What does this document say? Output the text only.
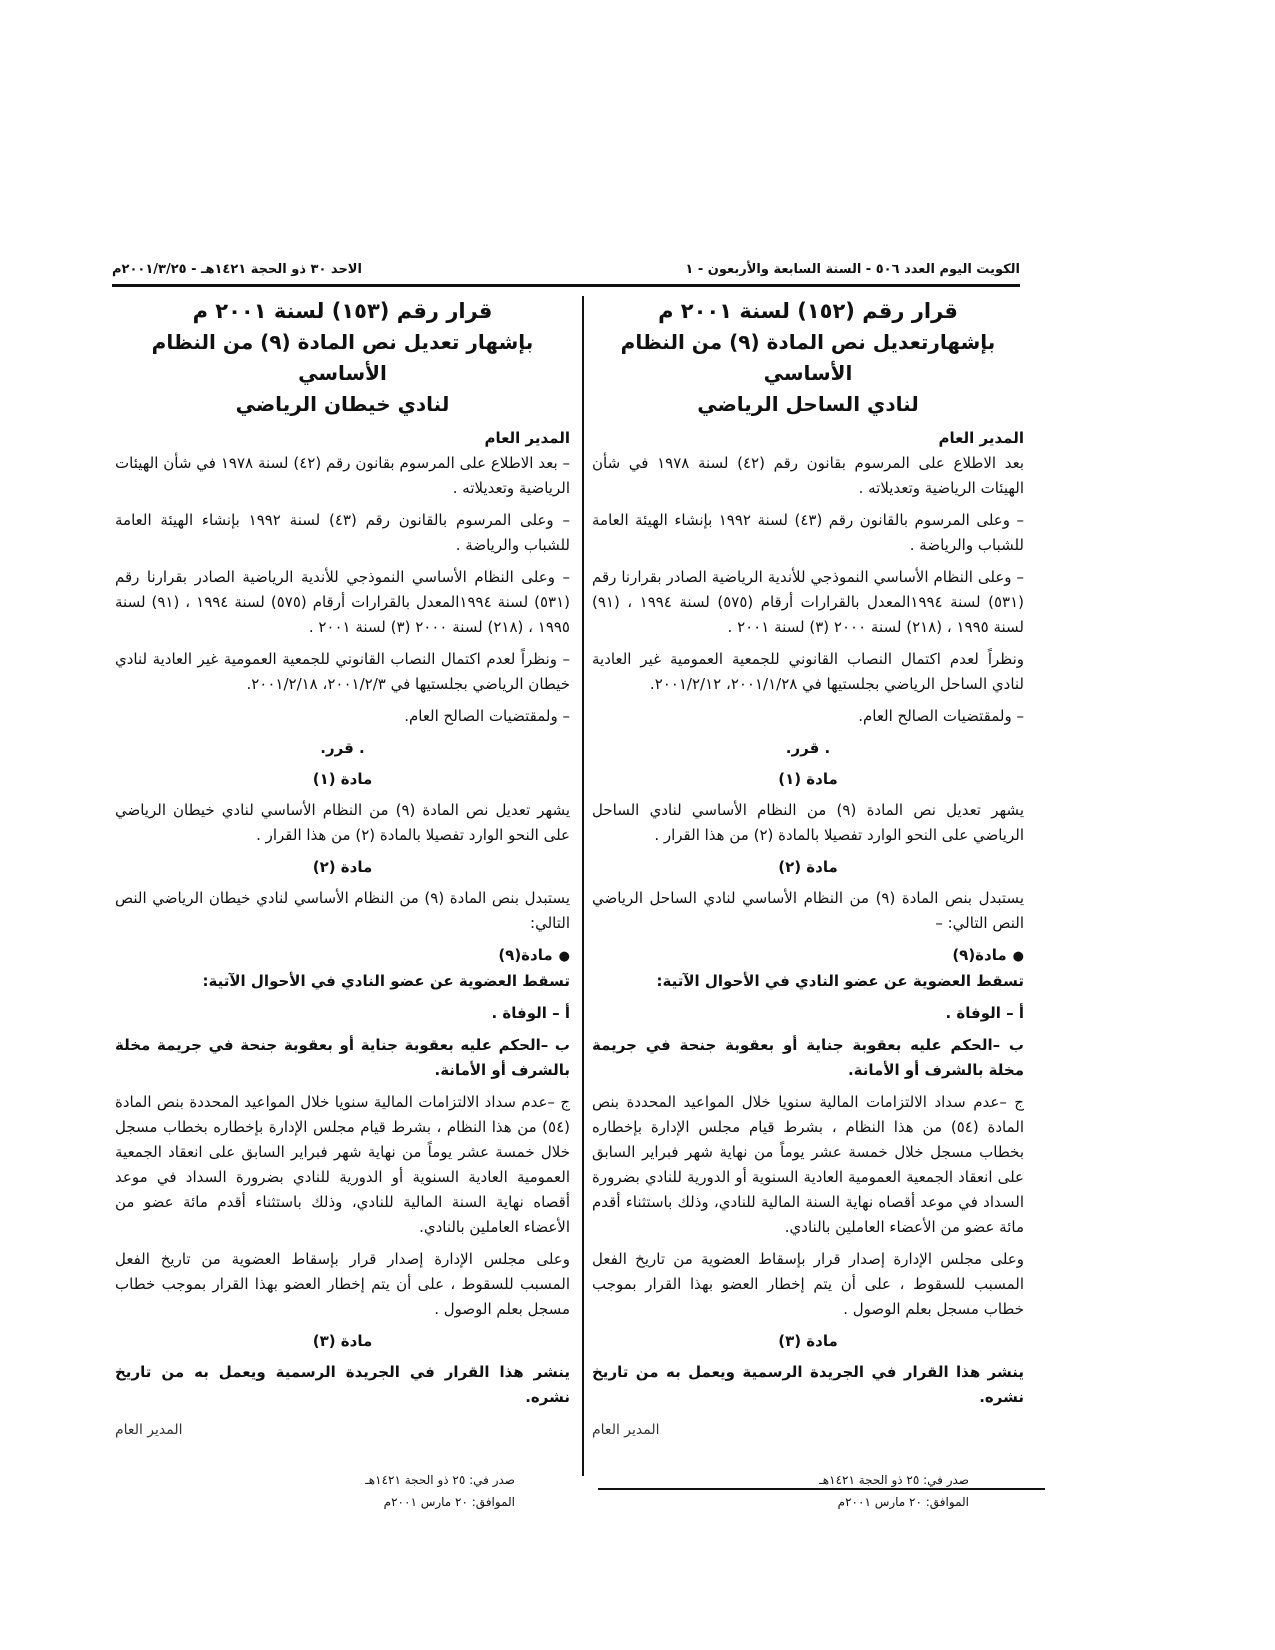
الكويت اليوم العدد ٥٠٦ - السنة السابعة والأربعون - ١
الاحد ٣٠ ذو الحجة ١٤٢١هـ - ٢٠٠١/٣/٢٥م
قرار رقم (١٥٢) لسنة ٢٠٠١ م
بإشهارتعديل نص المادة (٩) من النظام الأساسي
لنادي الساحل الرياضي
المدير العام

بعد الاطلاع على المرسوم بقانون رقم (٤٢) لسنة ١٩٧٨ في شأن الهيئات الرياضية وتعديلاته .

– وعلى المرسوم بالقانون رقم (٤٣) لسنة ١٩٩٢ بإنشاء الهيئة العامة للشباب والرياضة .

– وعلى النظام الأساسي النموذجي للأندية الرياضية الصادر بقرارنا رقم (٥٣١) لسنة ١٩٩٤المعدل بالقرارات أرقام (٥٧٥) لسنة ١٩٩٤ ، (٩١) لسنة ١٩٩٥ ، (٢١٨) لسنة ٢٠٠٠ (٣) لسنة ٢٠٠١ .

ونظراً لعدم اكتمال النصاب القانوني للجمعية العمومية غير العادية لنادي الساحل الرياضي بجلستيها في ٢٠٠١/١/٢٨، ٢٠٠١/٢/١٢.

– ولمقتضيات الصالح العام.

. قرر.
مادة (١)

يشهر تعديل نص المادة (٩) من النظام الأساسي لنادي الساحل الرياضي على النحو الوارد تفصيلا بالمادة (٢) من هذا القرار .

مادة (٢)

يستبدل بنص المادة (٩) من النظام الأساسي لنادي الساحل الرياضي النص التالي: –

● مادة(٩)

تسقط العضوية عن عضو النادي في الأحوال الآتية:

أ – الوفاة .

ب –الحكم عليه بعقوبة جناية أو بعقوبة جنحة في جريمة مخلة بالشرف أو الأمانة.

ج –عدم سداد الالتزامات المالية سنويا خلال المواعيد المحددة بنص المادة (٥٤) من هذا النظام ، بشرط قيام مجلس الإدارة بإخطاره بخطاب مسجل خلال خمسة عشر يوماً من نهاية شهر فبراير السابق على انعقاد الجمعية العمومية العادية السنوية أو الدورية للنادي بضرورة السداد في موعد أقصاه نهاية السنة المالية للنادي، وذلك باستثناء أقدم مائة عضو من الأعضاء العاملين بالنادي.

وعلى مجلس الإدارة إصدار قرار بإسقاط العضوية من تاريخ الفعل المسبب للسقوط ، على أن يتم إخطار العضو بهذا القرار بموجب خطاب مسجل بعلم الوصول .

مادة (٣)

ينشر هذا القرار في الجريدة الرسمية ويعمل به من تاريخ نشره.

المدير العام
صدر في: ٢٥ ذو الحجة ١٤٢١هـ
الموافق: ٢٠ مارس ٢٠٠١م
قرار رقم (١٥٣) لسنة ٢٠٠١ م
بإشهار تعديل نص المادة (٩) من النظام الأساسي
لنادي خيطان الرياضي
المدير العام

– بعد الاطلاع على المرسوم بقانون رقم (٤٢) لسنة ١٩٧٨ في شأن الهيئات الرياضية وتعديلاته .

– وعلى المرسوم بالقانون رقم (٤٣) لسنة ١٩٩٢ بإنشاء الهيئة العامة للشباب والرياضة .

– وعلى النظام الأساسي النموذجي للأندية الرياضية الصادر بقرارنا رقم (٥٣١) لسنة ١٩٩٤المعدل بالقرارات أرقام (٥٧٥) لسنة ١٩٩٤ ، (٩١) لسنة ١٩٩٥ ، (٢١٨) لسنة ٢٠٠٠ (٣) لسنة ٢٠٠١ .

– ونظراً لعدم اكتمال النصاب القانوني للجمعية العمومية غير العادية لنادي خيطان الرياضي بجلستيها في ٢٠٠١/٢/٣، ٢٠٠١/٢/١٨.

– ولمقتضيات الصالح العام.

. قرر.
مادة (١)

يشهر تعديل نص المادة (٩) من النظام الأساسي لنادي خيطان الرياضي على النحو الوارد تفصيلا بالمادة (٢) من هذا القرار .

مادة (٢)

يستبدل بنص المادة (٩) من النظام الأساسي لنادي خيطان الرياضي النص التالي:

● مادة(٩)

تسقط العضوية عن عضو النادي في الأحوال الآتية:

أ – الوفاة .

ب –الحكم عليه بعقوبة جناية أو بعقوبة جنحة في جريمة مخلة بالشرف أو الأمانة.

ج –عدم سداد الالتزامات المالية سنويا خلال المواعيد المحددة بنص المادة (٥٤) من هذا النظام ، بشرط قيام مجلس الإدارة بإخطاره بخطاب مسجل خلال خمسة عشر يوماً من نهاية شهر فبراير السابق على انعقاد الجمعية العمومية العادية السنوية أو الدورية للنادي بضرورة السداد في موعد أقصاه نهاية السنة المالية للنادي، وذلك باستثناء أقدم مائة عضو من الأعضاء العاملين بالنادي.

وعلى مجلس الإدارة إصدار قرار بإسقاط العضوية من تاريخ الفعل المسبب للسقوط ، على أن يتم إخطار العضو بهذا القرار بموجب خطاب مسجل بعلم الوصول .

مادة (٣)

ينشر هذا القرار في الجريدة الرسمية ويعمل به من تاريخ نشره.

المدير العام
صدر في: ٢٥ ذو الحجة ١٤٢١هـ
الموافق: ٢٠ مارس ٢٠٠١م
